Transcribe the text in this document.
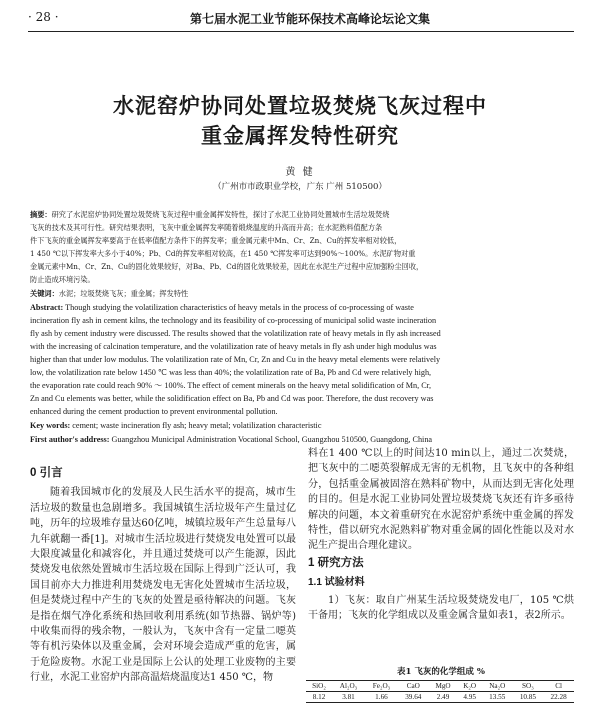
· 28 ·	第七届水泥工业节能环保技术高峰论坛论文集
水泥窑炉协同处置垃圾焚烧飞灰过程中
重金属挥发特性研究
黄 健
（广州市市政职业学校，广东 广州 510500）
摘要：研究了水泥窑炉协同处置垃圾焚烧飞灰过程中重金属挥发特性，探讨了水泥工业协同处置城市生活垃圾焚烧
飞灰的技术及其可行性。研究结果表明，飞灰中重金属挥发率随着煅烧温度的升高而升高；在水泥熟料值配方条
件下飞灰的重金属挥发率要高于在低率值配方条件下的挥发率；重金属元素中Mn、Cr、Zn、Cu的挥发率相对较低，
1 450 ℃以下挥发率大多小于40%；Pb、Cd的挥发率相对较高，在1 450 ℃挥发率可达到90%～100%。水泥矿物对重
金属元素中Mn、Cr、Zn、Cu的固化效果较好，对Ba、Pb、Cd的固化效果较差，因此在水泥生产过程中应加强粉尘回收，
防止造成环境污染。
关键词：水泥；垃圾焚烧飞灰；重金属；挥发特性
Abstract: Though studying the volatilization characteristics of heavy metals in the process of co-processing of waste
incineration fly ash in cement kilns, the technology and its feasibility of co-processing of municipal solid waste incineration
fly ash by cement industry were discussed. The results showed that the volatilization rate of heavy metals in fly ash increased
with the increasing of calcination temperature, and the volatilization rate of heavy metals in fly ash under high modulus was
higher than that under low modulus. The volatilization rate of Mn, Cr, Zn and Cu in the heavy metal elements were relatively
low, the volatilization rate below 1450 ℃ was less than 40%; the volatilization rate of Ba, Pb and Cd were relatively high,
the evaporation rate could reach 90% ～ 100%. The effect of cement minerals on the heavy metal solidification of Mn, Cr,
Zn and Cu elements was better, while the solidification effect on Ba, Pb and Cd was poor. Therefore, the dust recovery was
enhanced during the cement production to prevent environmental pollution.
Key words: cement; waste incineration fly ash; heavy metal; volatilization characteristic
First author's address: Guangzhou Municipal Administration Vocational School, Guangzhou 510500, Guangdong, China
0 引言

随着我国城市化的发展及人民生活水平的提高，城市生活垃圾的数量也急剧增多。我国城镇生活垃圾年产生量过亿吨，历年的垃圾堆存量达60亿吨，城镇垃圾年产生总量每八九年就翻一番[1]。对城市生活垃圾进行焚烧发电处置可以最大限度减量化和减容化，并且通过焚烧可以产生能源，因此焚烧发电依然处置城市生活垃圾在国际上得到广泛认可，我国目前亦大力推进利用焚烧发电无害化处置城市生活垃圾，但是焚烧过程中产生的飞灰的处置是亟待解决的问题。飞灰是指在烟气净化系统和热回收利用系统(如节热器、锅炉等)中收集而得的残余物，一般认为，飞灰中含有一定量二噁英等有机污染体以及重金属，会对环境会造成严重的危害，属于危险废物。水泥工业是国际上公认的处理工业废物的主要行业，水泥工业窑炉内部高温焙烧温度达1 450 ℃，物

料在1 400 ℃以上的时间达10 min以上，通过二次焚烧，把飞灰中的二噁英裂解成无害的无机物，且飞灰中的各种组分，包括重金属被固溶在熟料矿物中，从而达到无害化处理的目的。但是水泥工业协同处置垃圾焚烧飞灰还有许多亟待解决的问题，本文着重研究在水泥窑炉系统中重金属的挥发特性，借以研究水泥熟料矿物对重金属的固化性能以及对水泥生产提出合理化建议。

1 研究方法
1.1 试验材料

1）飞灰：取自广州某生活垃圾焚烧发电厂，105 ℃烘干备用；飞灰的化学组成以及重金属含量如表1，表2所示。

表1 飞灰的化学组成 %
SiO₂	Al₂O₃	Fe₂O₃	CaO	MgO	K₂O	Na₂O	SO₃	Cl
8.12	3.81	1.66	39.64	2.49	4.95	13.55	10.85	22.28
